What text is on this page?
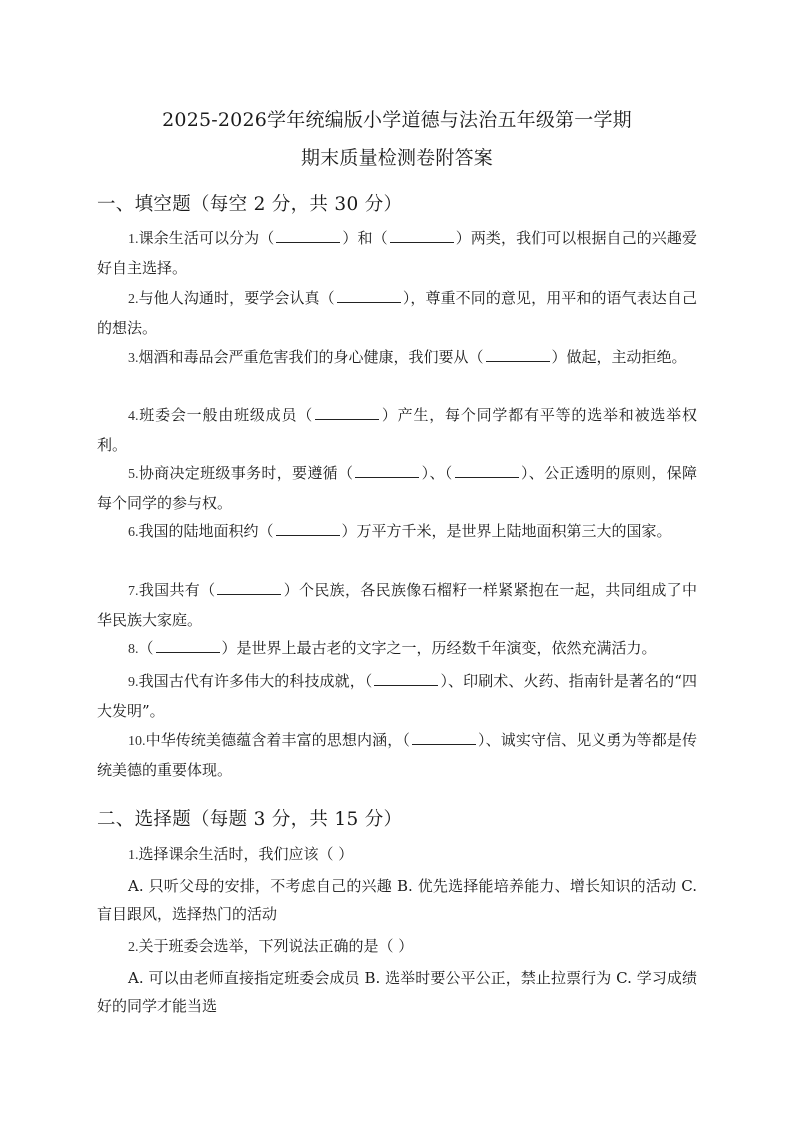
2025-2026学年统编版小学道德与法治五年级第一学期
期末质量检测卷附答案
一、填空题（每空 2 分，共 30 分）
1.课余生活可以分为（	）和（	）两类，我们可以根据自己的兴趣爱好自主选择。
2.与他人沟通时，要学会认真（	），尊重不同的意见，用平和的语气表达自己的想法。
3.烟酒和毒品会严重危害我们的身心健康，我们要从（	）做起，主动拒绝。
4.班委会一般由班级成员（	）产生，每个同学都有平等的选举和被选举权利。
5.协商决定班级事务时，要遵循（	）、（	）、公正透明的原则，保障每个同学的参与权。
6.我国的陆地面积约（	）万平方千米，是世界上陆地面积第三大的国家。
7.我国共有（	）个民族，各民族像石榴籽一样紧紧抱在一起，共同组成了中华民族大家庭。
8.（	）是世界上最古老的文字之一，历经数千年演变，依然充满活力。
9.我国古代有许多伟大的科技成就，（	）、印刷术、火药、指南针是著名的“四大发明”。
10.中华传统美德蕴含着丰富的思想内涵，（	）、诚实守信、见义勇为等都是传统美德的重要体现。
二、选择题（每题 3 分，共 15 分）
1.选择课余生活时，我们应该（ ）
A. 只听父母的安排，不考虑自己的兴趣 B. 优先选择能培养能力、增长知识的活动 C. 盲目跟风，选择热门的活动
2.关于班委会选举，下列说法正确的是（ ）
A. 可以由老师直接指定班委会成员 B. 选举时要公平公正，禁止拉票行为 C. 学习成绩好的同学才能当选
